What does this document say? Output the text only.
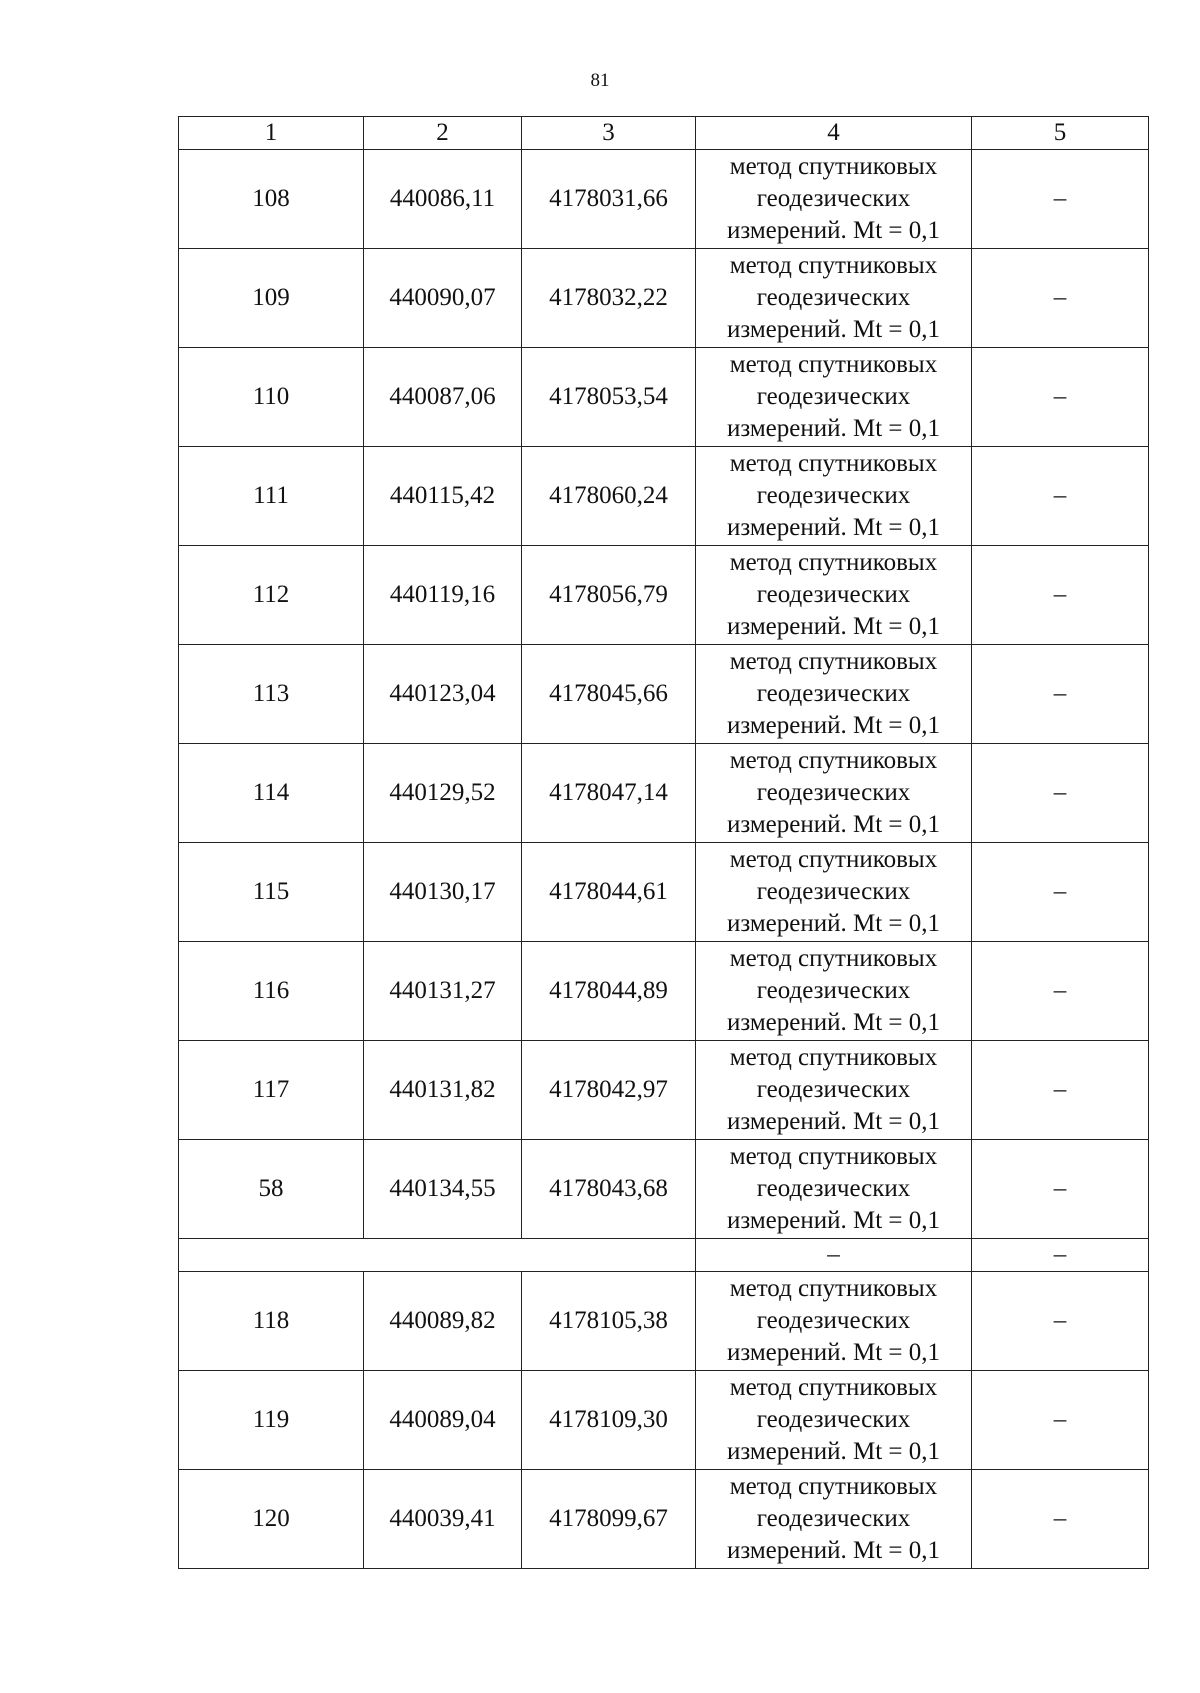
81
1	2	3	4	5
108	440086,11	4178031,66	метод спутниковых геодезических измерений. Mt = 0,1	–
109	440090,07	4178032,22	метод спутниковых геодезических измерений. Mt = 0,1	–
110	440087,06	4178053,54	метод спутниковых геодезических измерений. Mt = 0,1	–
111	440115,42	4178060,24	метод спутниковых геодезических измерений. Mt = 0,1	–
112	440119,16	4178056,79	метод спутниковых геодезических измерений. Mt = 0,1	–
113	440123,04	4178045,66	метод спутниковых геодезических измерений. Mt = 0,1	–
114	440129,52	4178047,14	метод спутниковых геодезических измерений. Mt = 0,1	–
115	440130,17	4178044,61	метод спутниковых геодезических измерений. Mt = 0,1	–
116	440131,27	4178044,89	метод спутниковых геодезических измерений. Mt = 0,1	–
117	440131,82	4178042,97	метод спутниковых геодезических измерений. Mt = 0,1	–
58	440134,55	4178043,68	метод спутниковых геодезических измерений. Mt = 0,1	–
			–	–
118	440089,82	4178105,38	метод спутниковых геодезических измерений. Mt = 0,1	–
119	440089,04	4178109,30	метод спутниковых геодезических измерений. Mt = 0,1	–
120	440039,41	4178099,67	метод спутниковых геодезических измерений. Mt = 0,1	–
